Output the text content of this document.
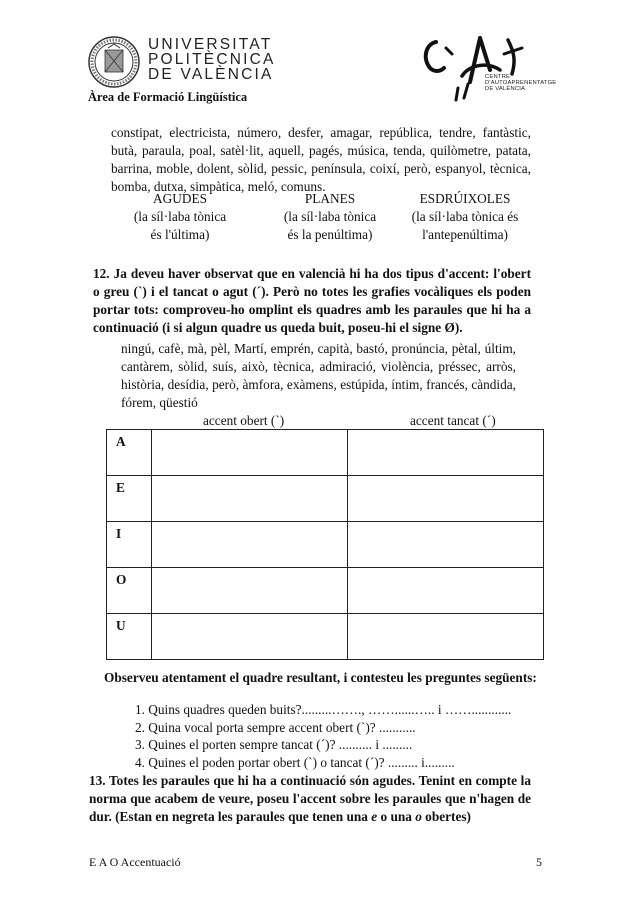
UNIVERSITAT
POLITÈCNICA
DE VALÈNCIA
Àrea de Formació Lingüística
CENTRE
D'AUTOAPRENENTATGE
DE VALÈNCIA
constipat, electricista, número, desfer, amagar, república, tendre, fantàstic, butà, paraula, poal, satèl·lit, aquell, pagés, música, tenda, quilòmetre, patata, barrina, moble, dolent, sòlid, pessic, península, coixí, però, espanyol, tècnica, bomba, dutxa, simpàtica, meló, comuns.
AGUDES
(la síl·laba tònica
és l'última)
PLANES
(la síl·laba tònica
és la penúltima)
ESDRÚIXOLES
(la síl·laba tònica és
l'antepenúltima)
12. Ja deveu haver observat que en valencià hi ha dos tipus d'accent: l'obert o greu (`) i el tancat o agut (´). Però no totes les grafies vocàliques els poden portar tots: comproveu-ho omplint els quadres amb les paraules que hi ha a continuació (i si algun quadre us queda buit, poseu-hi el signe Ø).
ningú, cafè, mà, pèl, Martí, emprén, capità, bastó, pronúncia, pètal, últim, cantàrem, sòlid, suís, això, tècnica, admiració, violència, préssec, arròs, història, desídia, però, àmfora, exàmens, estúpida, íntim, francés, càndida, fórem, qüestió
accent obert (`)	accent tancat (´)
A		
E		
I		
O		
U		
Observeu atentament el quadre resultant, i contesteu les preguntes següents:
1. Quins quadres queden buits?.........……., ……......….. i ……............
2. Quina vocal porta sempre accent obert (`)? ...........
3. Quines el porten sempre tancat (´)? .......... i .........
4. Quines el poden portar obert (`) o tancat (´)? ......... i.........
13. Totes les paraules que hi ha a continuació són agudes. Tenint en compte la norma que acabem de veure, poseu l'accent sobre les paraules que n'hagen de dur. (Estan en negreta les paraules que tenen una e o una o obertes)
E A O Accentuació	5
